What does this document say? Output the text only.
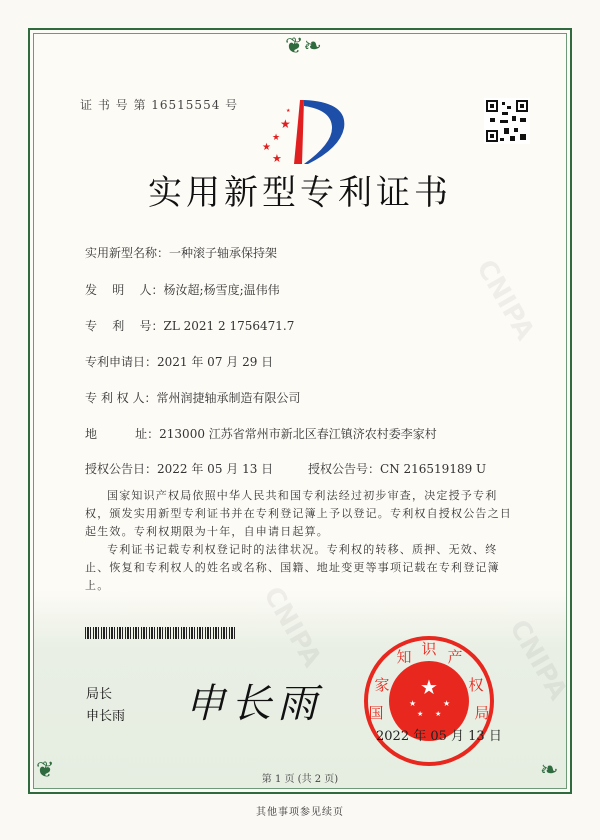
❦❧
❦	❧
CNIPA
CNIPA
CNIPA
证 书 号 第 16515554 号
★
★
★
★
★
实用新型专利证书
实用新型名称：一种滚子轴承保持架
发    明    人：杨汝超;杨雪度;温伟伟
专    利    号：ZL 2021 2 1756471.7
专利申请日：2021 年 07 月 29 日
专 利 权 人：常州润捷轴承制造有限公司
地          址：213000 江苏省常州市新北区春江镇济农村委李家村
授权公告日：2022 年 05 月 13 日	授权公告号：CN 216519189 U
国家知识产权局依照中华人民共和国专利法经过初步审查，决定授予专利权，颁发实用新型专利证书并在专利登记簿上予以登记。专利权自授权公告之日起生效。专利权期限为十年，自申请日起算。
专利证书记载专利权登记时的法律状况。专利权的转移、质押、无效、终止、恢复和专利权人的姓名或名称、国籍、地址变更等事项记载在专利登记簿上。
局长
申长雨 申长雨	★
★	★
★ ★
国
家
知 识 产
权
局
2022 年 05 月 13 日
第 1 页 (共 2 页)
其他事项参见续页
